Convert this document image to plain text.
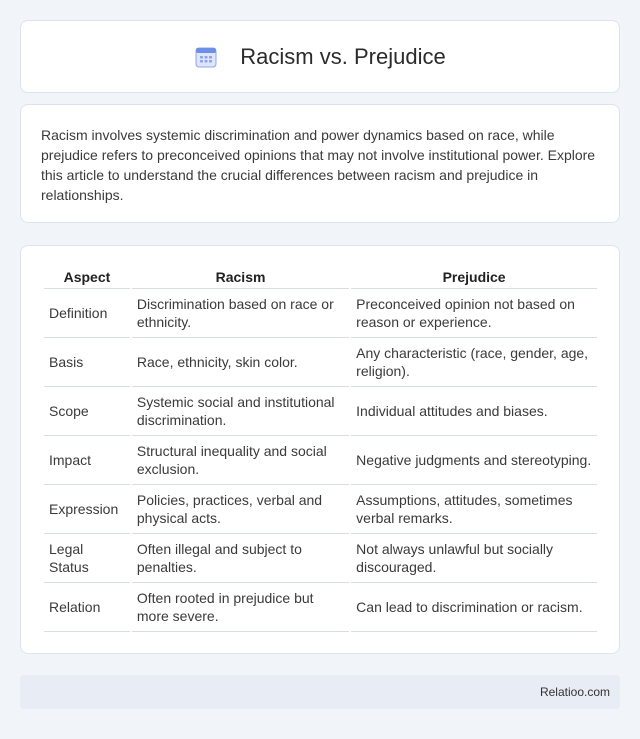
Racism vs. Prejudice

Racism involves systemic discrimination and power dynamics based on race, while prejudice refers to preconceived opinions that may not involve institutional power. Explore this article to understand the crucial differences between racism and prejudice in relationships.

Aspect	Racism	Prejudice
Definition	Discrimination based on race or ethnicity.	Preconceived opinion not based on reason or experience.
Basis	Race, ethnicity, skin color.	Any characteristic (race, gender, age, religion).
Scope	Systemic social and institutional discrimination.	Individual attitudes and biases.
Impact	Structural inequality and social exclusion.	Negative judgments and stereotyping.
Expression	Policies, practices, verbal and physical acts.	Assumptions, attitudes, sometimes verbal remarks.
Legal Status	Often illegal and subject to penalties.	Not always unlawful but socially discouraged.
Relation	Often rooted in prejudice but more severe.	Can lead to discrimination or racism.
Relatioo.com
